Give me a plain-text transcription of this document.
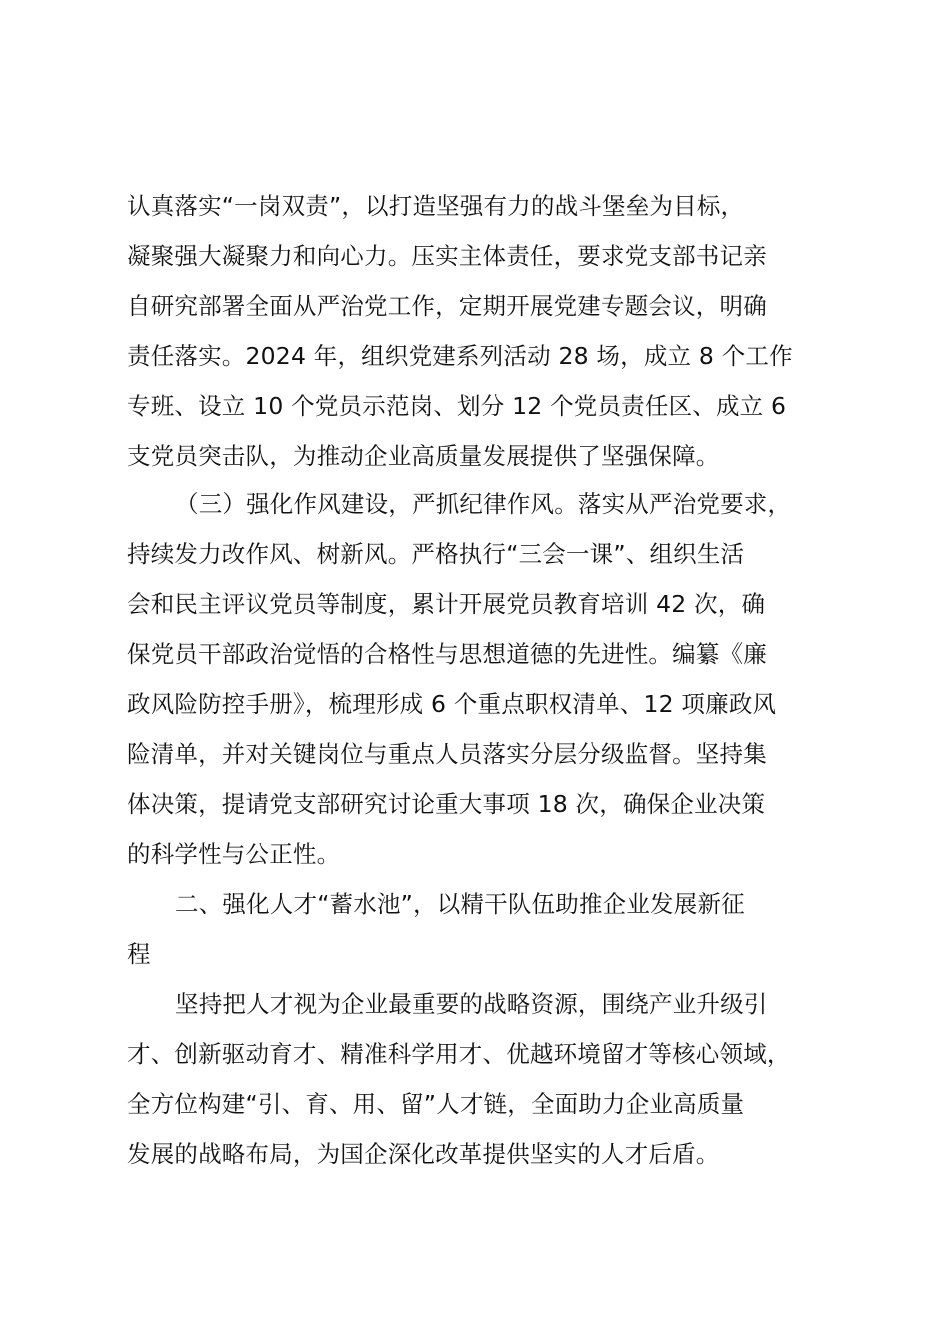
认真落实“一岗双责”，以打造坚强有力的战斗堡垒为目标，
凝聚强大凝聚力和向心力。压实主体责任，要求党支部书记亲
自研究部署全面从严治党工作，定期开展党建专题会议，明确
责任落实。2024 年，组织党建系列活动 28 场，成立 8 个工作
专班、设立 10 个党员示范岗、划分 12 个党员责任区、成立 6
支党员突击队，为推动企业高质量发展提供了坚强保障。
（三）强化作风建设，严抓纪律作风。落实从严治党要求，
持续发力改作风、树新风。严格执行“三会一课”、组织生活
会和民主评议党员等制度，累计开展党员教育培训 42 次，确
保党员干部政治觉悟的合格性与思想道德的先进性。编纂《廉
政风险防控手册》，梳理形成 6 个重点职权清单、12 项廉政风
险清单，并对关键岗位与重点人员落实分层分级监督。坚持集
体决策，提请党支部研究讨论重大事项 18 次，确保企业决策
的科学性与公正性。
二、强化人才“蓄水池”，以精干队伍助推企业发展新征
程
坚持把人才视为企业最重要的战略资源，围绕产业升级引
才、创新驱动育才、精准科学用才、优越环境留才等核心领域，
全方位构建“引、育、用、留”人才链，全面助力企业高质量
发展的战略布局，为国企深化改革提供坚实的人才后盾。
